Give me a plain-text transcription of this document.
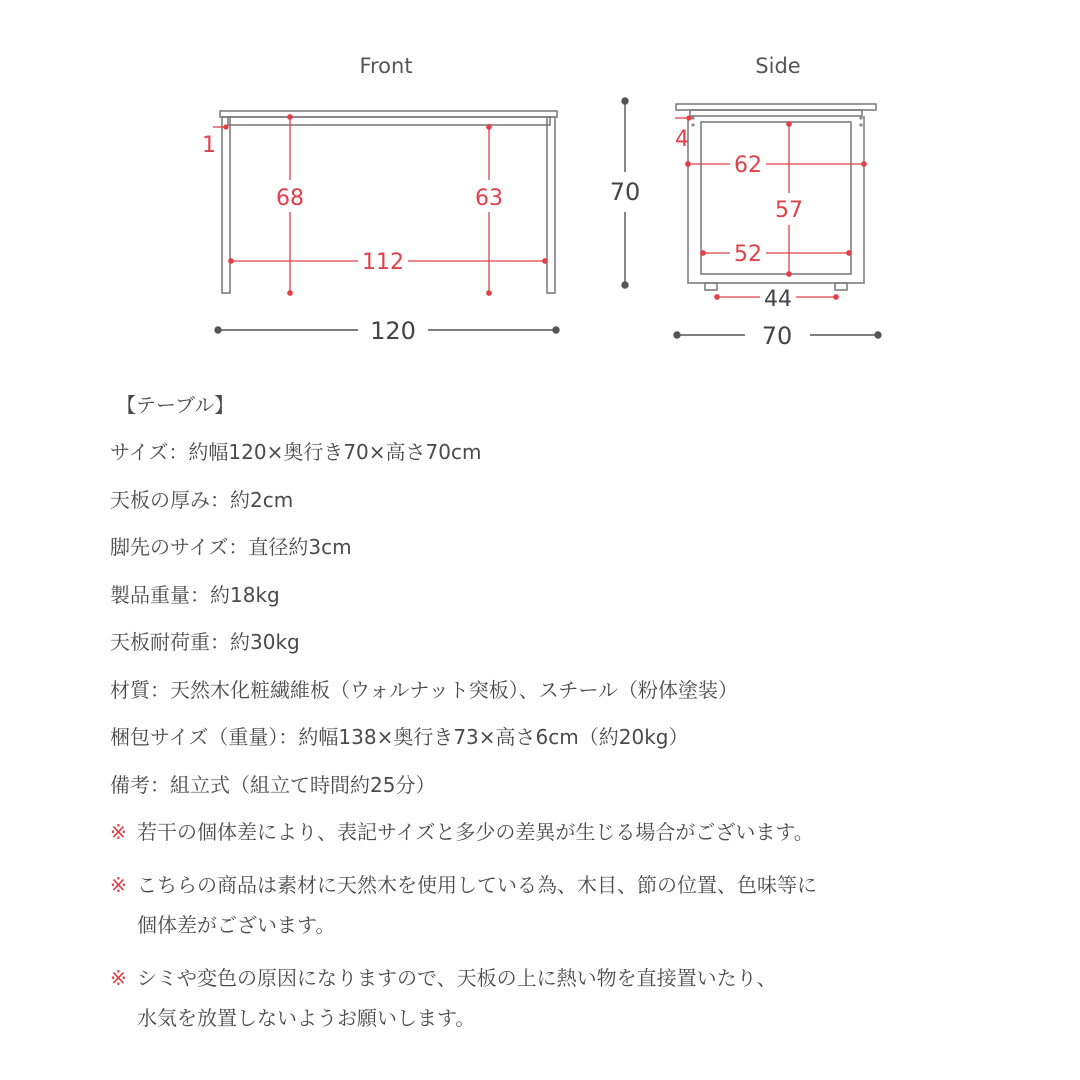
Front
1
68	63
112
120
70
Side
4
62
57
52
44
70
【テーブル】
サイズ：約幅120×奥行き70×高さ70cm
天板の厚み：約2cm
脚先のサイズ：直径約3cm
製品重量：約18kg
天板耐荷重：約30kg
材質：天然木化粧繊維板（ウォルナット突板）、スチール（粉体塗装）
梱包サイズ（重量）：約幅138×奥行き73×高さ6cm（約20kg）
備考：組立式（組立て時間約25分）
※ 若干の個体差により、表記サイズと多少の差異が生じる場合がございます。
※ こちらの商品は素材に天然木を使用している為、木目、節の位置、色味等に
個体差がございます。
※ シミや変色の原因になりますので、天板の上に熱い物を直接置いたり、
水気を放置しないようお願いします。
